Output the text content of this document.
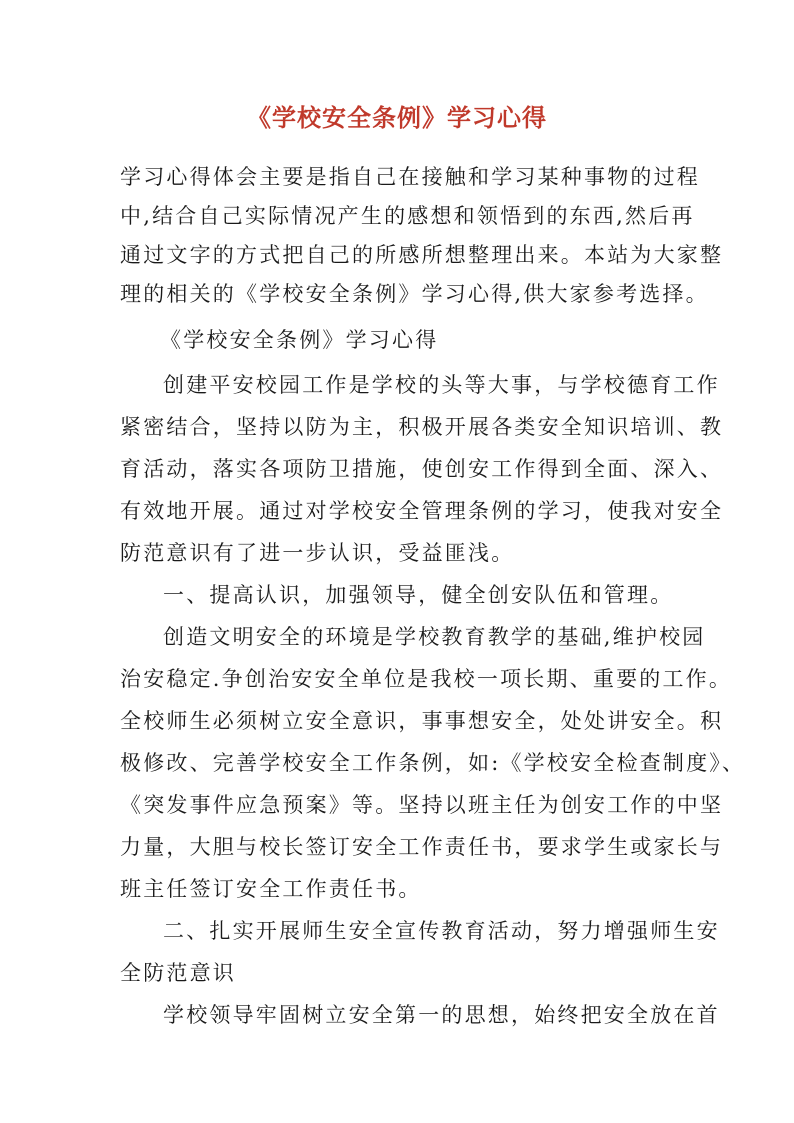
《学校安全条例》学习心得
学习心得体会主要是指自己在接触和学习某种事物的过程
中,结合自己实际情况产生的感想和领悟到的东西,然后再
通过文字的方式把自己的所感所想整理出来。本站为大家整
理的相关的《学校安全条例》学习心得,供大家参考选择。
《学校安全条例》学习心得
创建平安校园工作是学校的头等大事，与学校德育工作
紧密结合，坚持以防为主，积极开展各类安全知识培训、教
育活动，落实各项防卫措施，使创安工作得到全面、深入、
有效地开展。通过对学校安全管理条例的学习，使我对安全
防范意识有了进一步认识，受益匪浅。
一、提高认识，加强领导，健全创安队伍和管理。
创造文明安全的环境是学校教育教学的基础,维护校园
治安稳定.争创治安安全单位是我校一项长期、重要的工作。
全校师生必须树立安全意识，事事想安全，处处讲安全。积
极修改、完善学校安全工作条例，如:《学校安全检查制度》、
《突发事件应急预案》等。坚持以班主任为创安工作的中坚
力量，大胆与校长签订安全工作责任书，要求学生或家长与
班主任签订安全工作责任书。
二、扎实开展师生安全宣传教育活动，努力增强师生安
全防范意识
学校领导牢固树立安全第一的思想，始终把安全放在首
